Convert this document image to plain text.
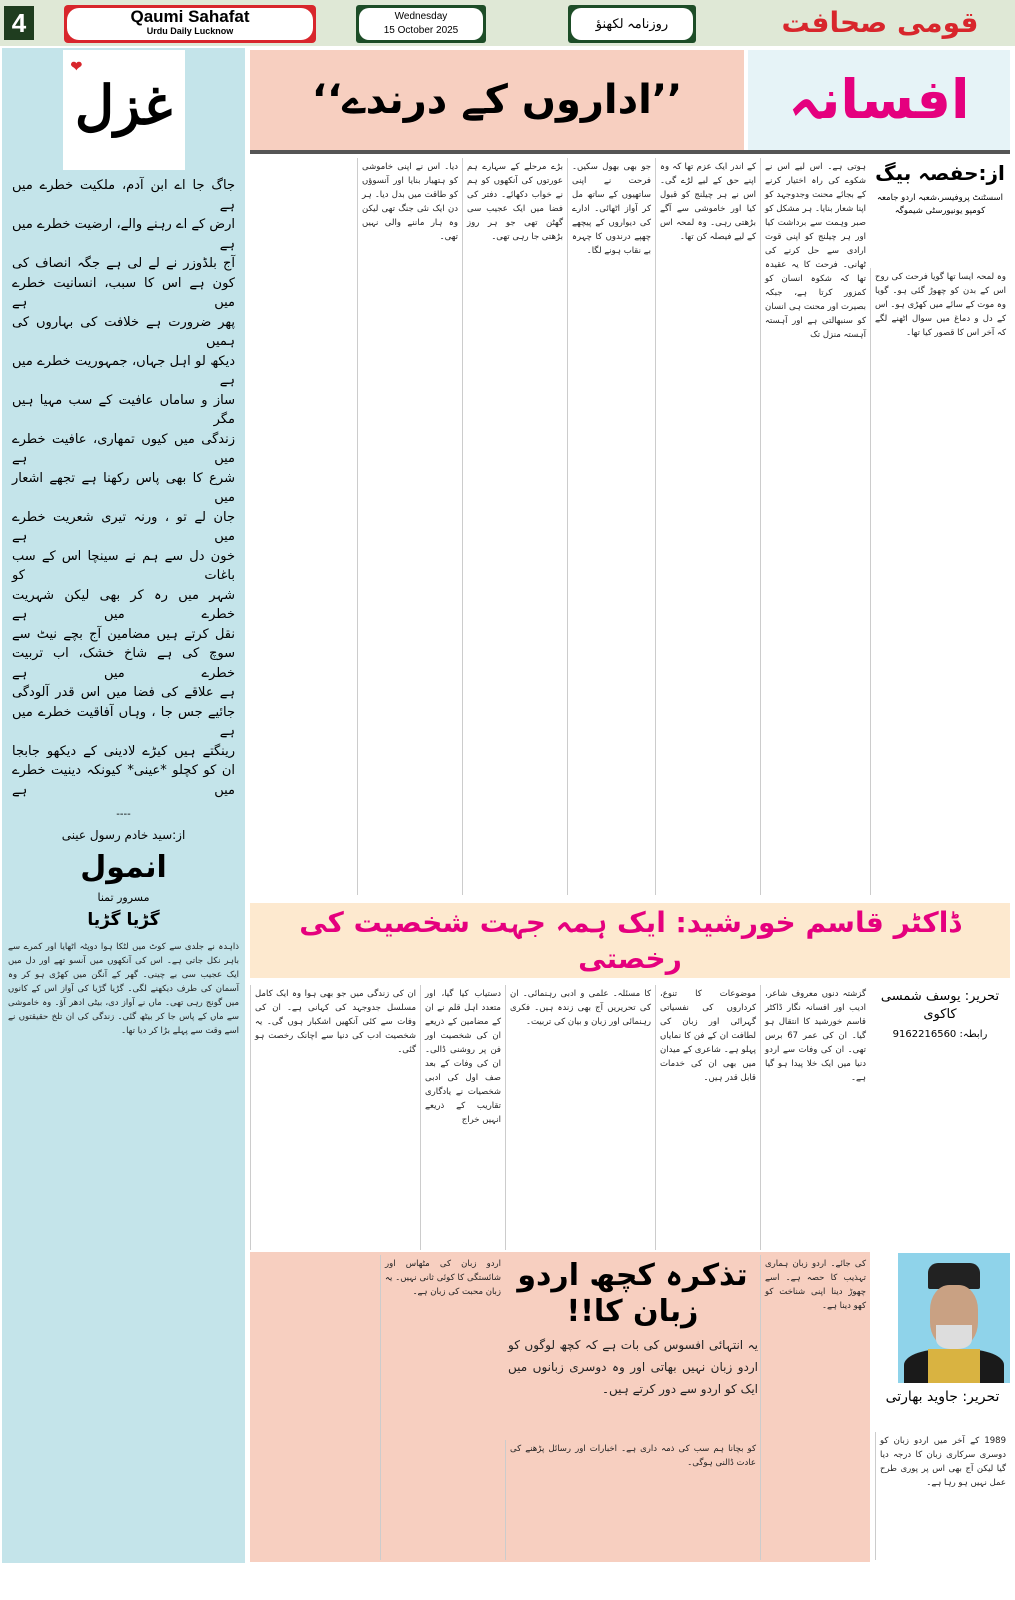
4	Qaumi Sahafat
Urdu Daily Lucknow
Wednesday
15 October 2025	روزنامہ لکھنؤ	قومی صحافت
❤
غزل
جاگ جا اے ابن آدم، ملکیت خطرے میں ہے
ارض کے اے رہنے والے، ارضیت خطرے میں ہے
آج بلڈوزر نے لے لی ہے جگہ انصاف کی
کون ہے اس کا سبب، انسانیت خطرے میں ہے
پھر ضرورت ہے خلافت کی بہاروں کی ہمیں
دیکھ لو اہل جہاں، جمہوریت خطرے میں ہے
ساز و ساماں عافیت کے سب مہیا ہیں مگر
زندگی میں کیوں تمھاری، عافیت خطرے میں ہے
شرع کا بھی پاس رکھنا ہے تجھے اشعار میں
جان لے تو ، ورنہ تیری شعریت خطرے میں ہے
خون دل سے ہم نے سینچا اس کے سب باغات کو
شہر میں رہ کر بھی لیکن شہریت خطرے میں ہے
نقل کرتے ہیں مضامین آج بچے نیٹ سے
سوچ کی ہے شاخ خشک، اب تربیت خطرے میں ہے
ہے علاقے کی فضا میں اس قدر آلودگی
جائیے جس جا ، وہاں آفاقیت خطرے میں ہے
رینگتے ہیں کیڑے لادینی کے دیکھو جابجا
ان کو کچلو *عینی* کیونکہ دینیت خطرے میں ہے
----
از:سید خادم رسول عینی
انمول
مسرور تمنا
گڑیا گڑیا
ذاہدہ نے جلدی سے کوٹ میں لٹکا ہوا دوپٹہ اٹھایا اور کمرے سے باہر نکل جاتی ہے۔ اس کی آنکھوں میں آنسو تھے اور دل میں ایک عجیب سی بے چینی۔ گھر کے آنگن میں کھڑی ہو کر وہ آسمان کی طرف دیکھنے لگی۔ گڑیا گڑیا کی آواز اس کے کانوں میں گونج رہی تھی۔ ماں نے آواز دی، بیٹی ادھر آؤ۔ وہ خاموشی سے ماں کے پاس جا کر بیٹھ گئی۔ زندگی کی ان تلخ حقیقتوں نے اسے وقت سے پہلے بڑا کر دیا تھا۔
’’اداروں کے درندے‘‘	افسانہ
از:حفصہ بیگ
اسسٹنٹ پروفیسر،شعبہ اردو جامعہ کومپو یونیورسٹی شیموگہ
وہ لمحہ ایسا تھا گویا فرحت کی روح اس کے بدن کو چھوڑ گئی ہو۔ گویا وہ موت کے سائے میں کھڑی ہو۔ اس کے دل و دماغ میں سوال اٹھنے لگے کہ آخر اس کا قصور کیا تھا۔
ہوتی ہے۔ اس لیے اس نے شکوے کی راہ اختیار کرنے کے بجائے محنت وجدوجہد کو اپنا شعار بنایا۔ ہر مشکل کو صبر وہمت سے برداشت کیا اور ہر چیلنج کو اپنی قوت ارادی سے حل کرنے کی ٹھانی۔ فرحت کا یہ عقیدہ تھا کہ شکوہ انسان کو کمزور کرتا ہے، جبکہ بصیرت اور محنت ہی انسان کو سنبھالتی ہے اور آہستہ آہستہ منزل تک
کے اندر ایک عزم تھا کہ وہ اپنے حق کے لیے لڑے گی۔ اس نے ہر چیلنج کو قبول کیا اور خاموشی سے آگے بڑھتی رہی۔ وہ لمحہ اس کے لیے فیصلہ کن تھا۔
جو بھی بھول سکیں۔ فرحت نے اپنی ساتھیوں کے ساتھ مل کر آواز اٹھائی۔ ادارے کی دیواروں کے پیچھے چھپے درندوں کا چہرہ بے نقاب ہونے لگا۔
بڑے مرحلے کے سہارے ہم عورتوں کی آنکھوں کو ہم نے خواب دکھائے۔ دفتر کی فضا میں ایک عجیب سی گھٹن تھی جو ہر روز بڑھتی جا رہی تھی۔
دیا۔ اس نے اپنی خاموشی کو ہتھیار بنایا اور آنسوؤں کو طاقت میں بدل دیا۔ ہر دن ایک نئی جنگ تھی لیکن وہ ہار ماننے والی نہیں تھی۔
ڈاکٹر قاسم خورشید: ایک ہمہ جہت شخصیت کی رخصتی
تحریر: یوسف شمسی کاکوی
رابطہ: 9162216560
گزشتہ دنوں معروف شاعر، ادیب اور افسانہ نگار ڈاکٹر قاسم خورشید کا انتقال ہو گیا۔ ان کی عمر 67 برس تھی۔ ان کی وفات سے اردو دنیا میں ایک خلا پیدا ہو گیا ہے۔
موضوعات کا تنوع، کرداروں کی نفسیاتی گہرائی اور زبان کی لطافت ان کے فن کا نمایاں پہلو ہے۔ شاعری کے میدان میں بھی ان کی خدمات قابل قدر ہیں۔
کا مسئلہ۔ علمی و ادبی رہنمائی۔ ان کی تحریریں آج بھی زندہ ہیں۔ فکری رہنمائی اور زبان و بیان کی تربیت۔
دستیاب کیا گیا، اور متعدد اہل قلم نے ان کے مضامین کے ذریعے ان کی شخصیت اور فن پر روشنی ڈالی۔ ان کی وفات کے بعد صف اول کی ادبی شخصیات نے یادگاری تقاریب کے ذریعے انہیں خراج
ان کی زندگی میں جو بھی ہوا وہ ایک کامل مسلسل جدوجہد کی کہانی ہے۔ ان کی وفات سے کئی آنکھیں اشکبار ہوں گی۔ یہ شخصیت ادب کی دنیا سے اچانک رخصت ہو گئی۔
تذکرہ کچھ اردو زبان کا!!
یہ انتہائی افسوس کی بات ہے کہ کچھ لوگوں کو اردو زبان نہیں بھاتی اور وہ دوسری زبانوں میں ایک کو اردو سے دور کرتے ہیں۔	تحریر: جاوید بھارتی
کی جائے۔ اردو زبان ہماری تہذیب کا حصہ ہے۔ اسے چھوڑ دینا اپنی شناخت کو کھو دینا ہے۔
کو بچانا ہم سب کی ذمہ داری ہے۔ اخبارات اور رسائل پڑھنے کی عادت ڈالنی ہوگی۔
اردو زبان کی مٹھاس اور شائستگی کا کوئی ثانی نہیں۔ یہ زبان محبت کی زبان ہے۔
1989 کے آخر میں اردو زبان کو دوسری سرکاری زبان کا درجہ دیا گیا لیکن آج بھی اس پر پوری طرح عمل نہیں ہو رہا ہے۔
